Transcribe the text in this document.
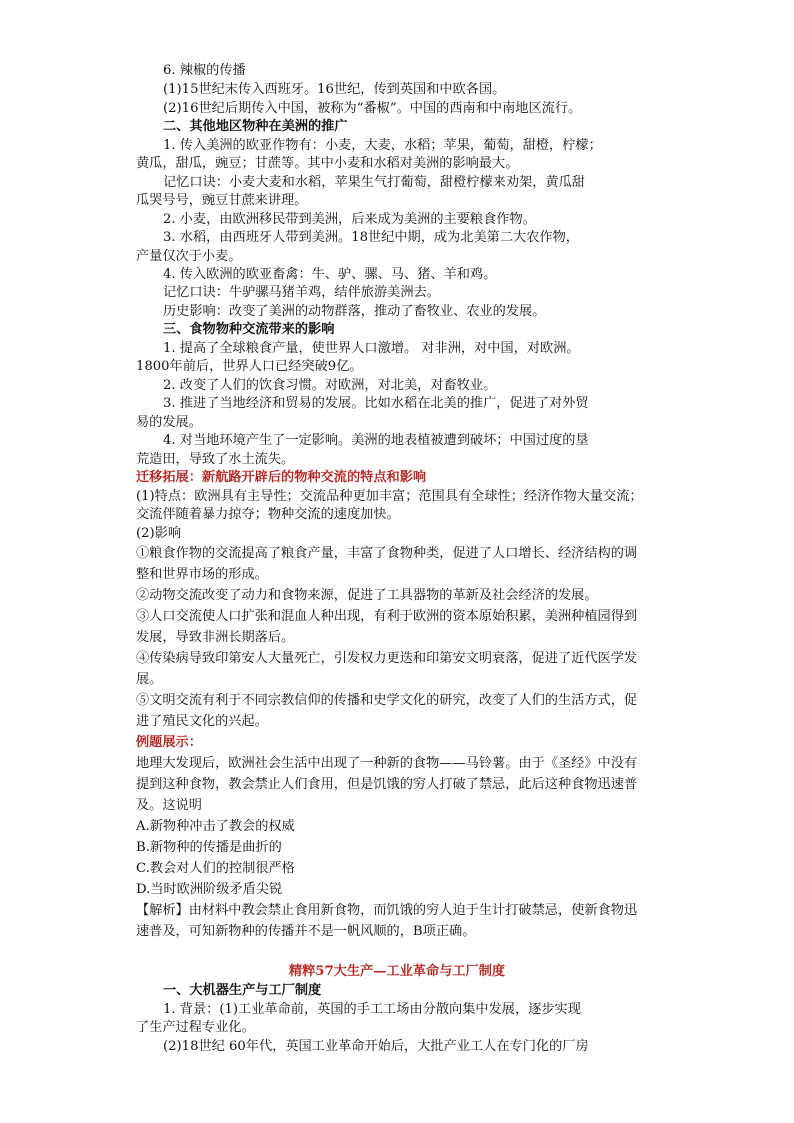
6. 辣椒的传播
(1)15世纪末传入西班牙。16世纪，传到英国和中欧各国。
(2)16世纪后期传入中国，被称为“番椒”。中国的西南和中南地区流行。
二、其他地区物种在美洲的推广
1. 传入美洲的欧亚作物有：小麦，大麦，水稻；苹果，葡萄，甜橙，柠檬；
黄瓜，甜瓜，豌豆；甘蔗等。其中小麦和水稻对美洲的影响最大。
记忆口诀：小麦大麦和水稻，苹果生气打葡萄，甜橙柠檬来劝架，黄瓜甜
瓜哭号号，豌豆甘蔗来讲理。
2. 小麦，由欧洲移民带到美洲，后来成为美洲的主要粮食作物。
3. 水稻，由西班牙人带到美洲。18世纪中期，成为北美第二大农作物，
产量仅次于小麦。
4. 传入欧洲的欧亚畜禽：牛、驴、骡、马、猪、羊和鸡。
记忆口诀：牛驴骡马猪羊鸡，结伴旅游美洲去。
历史影响：改变了美洲的动物群落，推动了畜牧业、农业的发展。
三、食物物种交流带来的影响
1. 提高了全球粮食产量，使世界人口激增。 对非洲，对中国，对欧洲。
1800年前后，世界人口已经突破9亿。
2. 改变了人们的饮食习惯。对欧洲，对北美，对畜牧业。
3. 推进了当地经济和贸易的发展。比如水稻在北美的推广，促进了对外贸
易的发展。
4. 对当地环境产生了一定影响。美洲的地表植被遭到破坏；中国过度的垦
荒造田，导致了水土流失。
迁移拓展：新航路开辟后的物种交流的特点和影响
(1)特点：欧洲具有主导性；交流品种更加丰富；范围具有全球性；经济作物大量交流；
交流伴随着暴力掠夺；物种交流的速度加快。
(2)影响
①粮食作物的交流提高了粮食产量，丰富了食物种类，促进了人口增长、经济结构的调
整和世界市场的形成。
②动物交流改变了动力和食物来源，促进了工具器物的革新及社会经济的发展。
③人口交流使人口扩张和混血人种出现，有利于欧洲的资本原始积累，美洲种植园得到
发展，导致非洲长期落后。
④传染病导致印第安人大量死亡，引发权力更迭和印第安文明衰落，促进了近代医学发
展。
⑤文明交流有利于不同宗教信仰的传播和史学文化的研究，改变了人们的生活方式，促
进了殖民文化的兴起。
例题展示：
地理大发现后，欧洲社会生活中出现了一种新的食物——马铃薯。由于《圣经》中没有
提到这种食物，教会禁止人们食用，但是饥饿的穷人打破了禁忌，此后这种食物迅速普
及。这说明
A.新物种冲击了教会的权威
B.新物种的传播是曲折的
C.教会对人们的控制很严格
D.当时欧洲阶级矛盾尖锐
【解析】由材料中教会禁止食用新食物，而饥饿的穷人迫于生计打破禁忌，使新食物迅
速普及，可知新物种的传播并不是一帆风顺的，B项正确。
精粹57大生产—工业革命与工厂制度
一、大机器生产与工厂制度
1. 背景：(1)工业革命前，英国的手工工场由分散向集中发展，逐步实现
了生产过程专业化。
(2)18世纪 60年代，英国工业革命开始后，大批产业工人在专门化的厂房
